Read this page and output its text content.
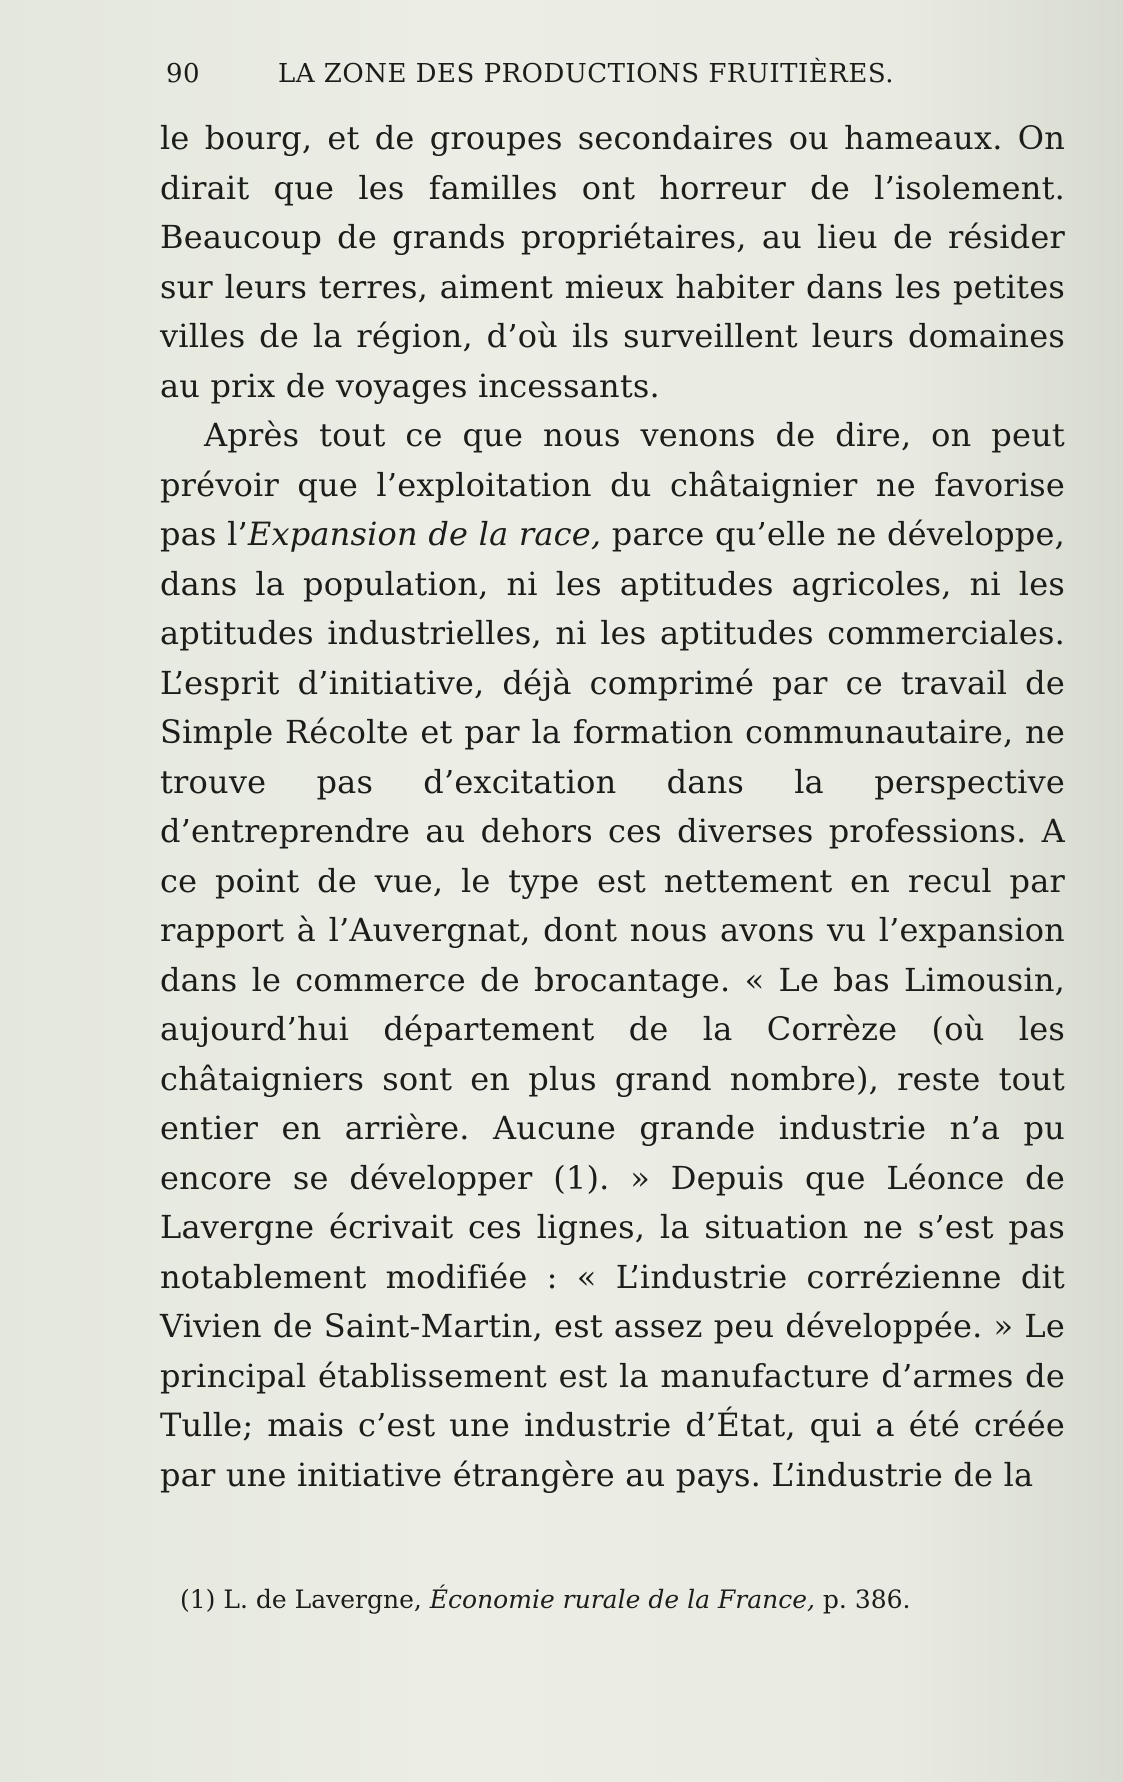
90	LA ZONE DES PRODUCTIONS FRUITIÈRES.

le bourg, et de groupes secondaires ou hameaux. On dirait que les familles ont horreur de l’isolement. Beaucoup de grands propriétaires, au lieu de résider sur leurs terres, aiment mieux habiter dans les petites villes de la région, d’où ils surveillent leurs domaines au prix de voyages incessants.

Après tout ce que nous venons de dire, on peut prévoir que l’exploitation du châtaignier ne favorise pas l’Expansion de la race, parce qu’elle ne développe, dans la population, ni les aptitudes agricoles, ni les aptitudes industrielles, ni les aptitudes commerciales. L’esprit d’initiative, déjà comprimé par ce travail de Simple Récolte et par la formation communautaire, ne trouve pas d’excitation dans la perspective d’entreprendre au dehors ces diverses professions. A ce point de vue, le type est nettement en recul par rapport à l’Auvergnat, dont nous avons vu l’expansion dans le commerce de brocantage. « Le bas Limousin, aujourd’hui département de la Corrèze (où les châtaigniers sont en plus grand nombre), reste tout entier en arrière. Aucune grande industrie n’a pu encore se développer (1). » Depuis que Léonce de Lavergne écrivait ces lignes, la situation ne s’est pas notablement modifiée : « L’industrie corrézienne dit Vivien de Saint-Martin, est assez peu développée. » Le principal établissement est la manufacture d’armes de Tulle; mais c’est une industrie d’État, qui a été créée par une initiative étrangère au pays. L’industrie de la

(1) L. de Lavergne, Économie rurale de la France, p. 386.
